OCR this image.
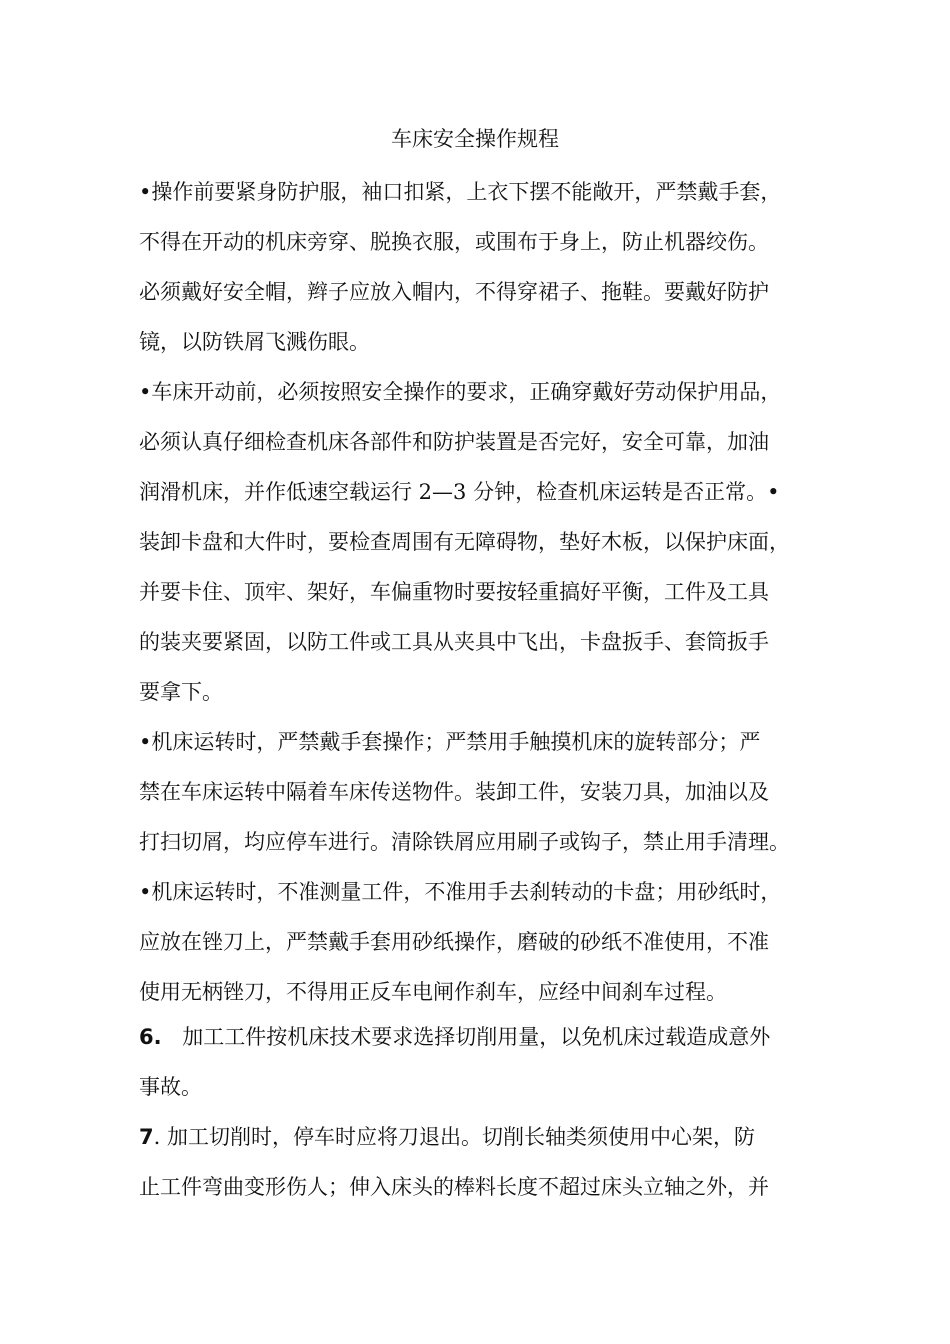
车床安全操作规程
•操作前要紧身防护服，袖口扣紧，上衣下摆不能敞开，严禁戴手套，
不得在开动的机床旁穿、脱换衣服，或围布于身上，防止机器绞伤。
必须戴好安全帽，辫子应放入帽内，不得穿裙子、拖鞋。要戴好防护
镜，以防铁屑飞溅伤眼。
•车床开动前，必须按照安全操作的要求，正确穿戴好劳动保护用品，
必须认真仔细检查机床各部件和防护装置是否完好，安全可靠，加油
润滑机床，并作低速空载运行 2—3 分钟，检查机床运转是否正常。•
装卸卡盘和大件时，要检查周围有无障碍物，垫好木板，以保护床面，
并要卡住、顶牢、架好，车偏重物时要按轻重搞好平衡，工件及工具
的装夹要紧固，以防工件或工具从夹具中飞出，卡盘扳手、套筒扳手
要拿下。
•机床运转时，严禁戴手套操作；严禁用手触摸机床的旋转部分；严
禁在车床运转中隔着车床传送物件。装卸工件，安装刀具，加油以及
打扫切屑，均应停车进行。清除铁屑应用刷子或钩子，禁止用手清理。
•机床运转时，不准测量工件，不准用手去刹转动的卡盘；用砂纸时，
应放在锉刀上，严禁戴手套用砂纸操作，磨破的砂纸不准使用，不准
使用无柄锉刀，不得用正反车电闸作刹车，应经中间刹车过程。
6. 加工工件按机床技术要求选择切削用量，以免机床过载造成意外
事故。
7. 加工切削时，停车时应将刀退出。切削长轴类须使用中心架，防
止工件弯曲变形伤人；伸入床头的棒料长度不超过床头立轴之外，并
